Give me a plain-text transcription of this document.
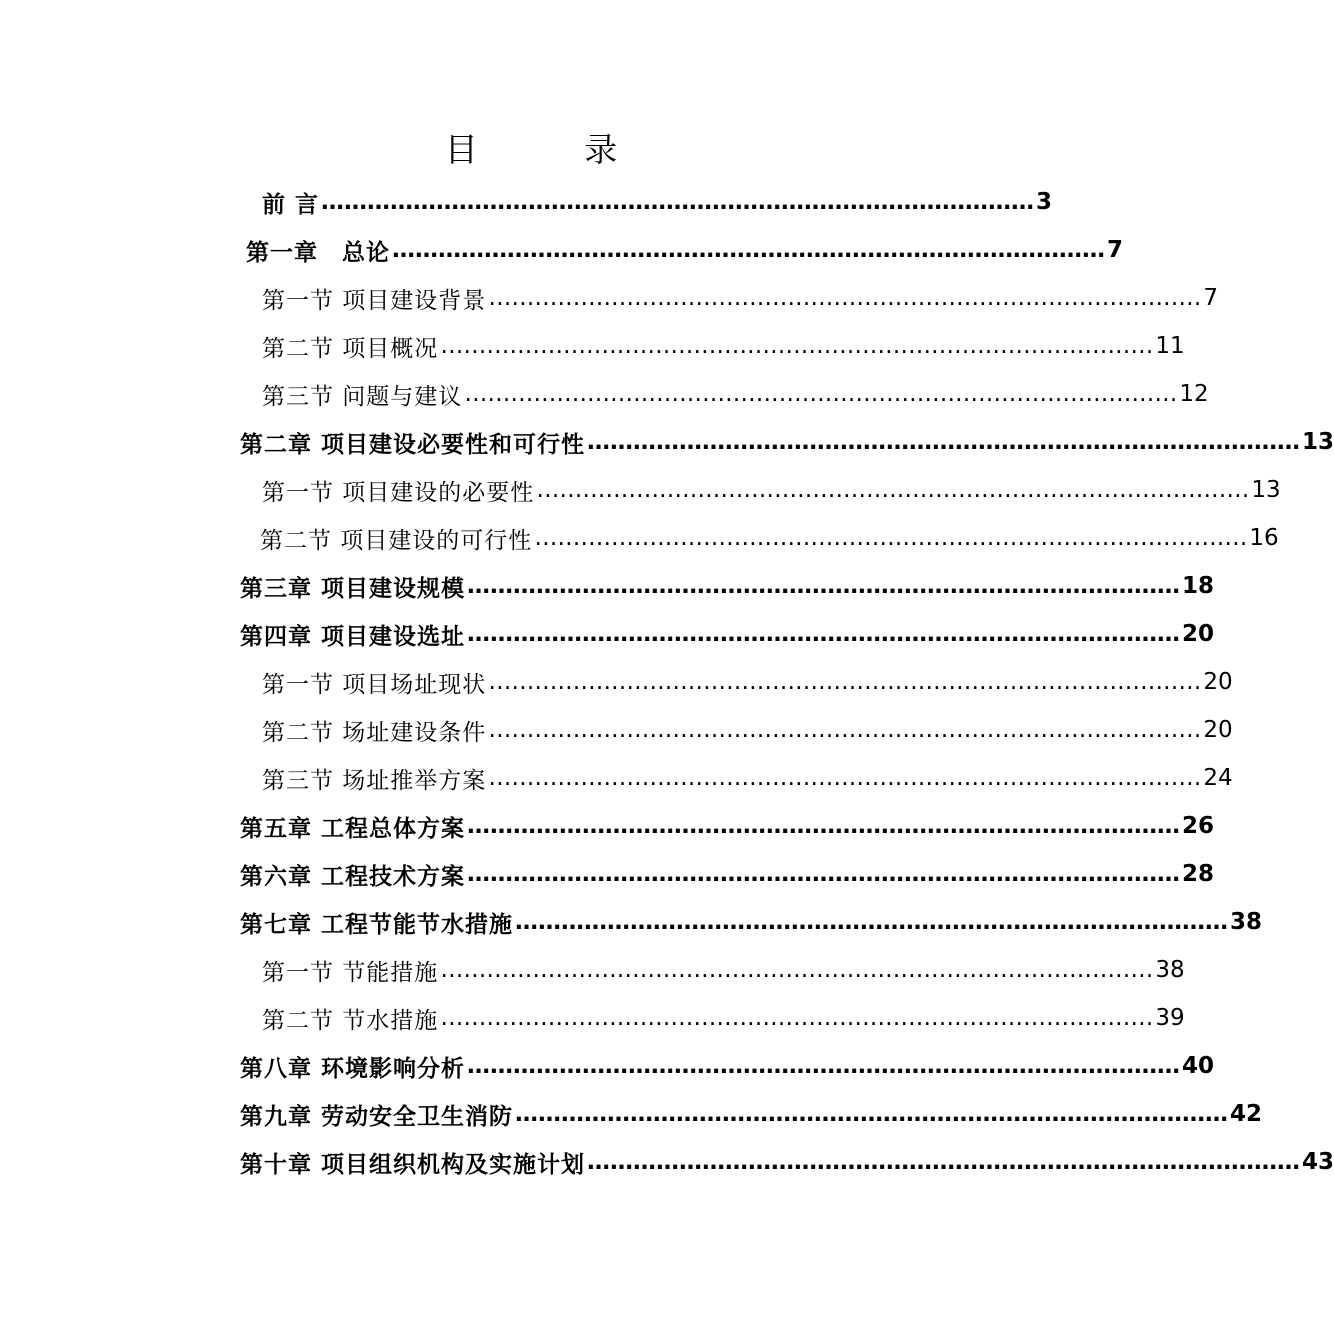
目 录
前 言 ………………………………………………………………………………… 3
第一章　总论 ………………………………………………………………………………… 7
第一节 项目建设背景 ………………………………………………………………………………… 7
第二节 项目概况 ………………………………………………………………………………… 11
第三节 问题与建议 ………………………………………………………………………………… 12
第二章 项目建设必要性和可行性 ………………………………………………………………………………… 13
第一节 项目建设的必要性 ………………………………………………………………………………… 13
第二节 项目建设的可行性 ………………………………………………………………………………… 16
第三章 项目建设规模 ………………………………………………………………………………… 18
第四章 项目建设选址 ………………………………………………………………………………… 20
第一节 项目场址现状 ………………………………………………………………………………… 20
第二节 场址建设条件 ………………………………………………………………………………… 20
第三节 场址推举方案 ………………………………………………………………………………… 24
第五章 工程总体方案 ………………………………………………………………………………… 26
第六章 工程技术方案 ………………………………………………………………………………… 28
第七章 工程节能节水措施 ………………………………………………………………………………… 38
第一节 节能措施 ………………………………………………………………………………… 38
第二节 节水措施 ………………………………………………………………………………… 39
第八章 环境影响分析 ………………………………………………………………………………… 40
第九章 劳动安全卫生消防 ………………………………………………………………………………… 42
第十章 项目组织机构及实施计划 ………………………………………………………………………………… 43
